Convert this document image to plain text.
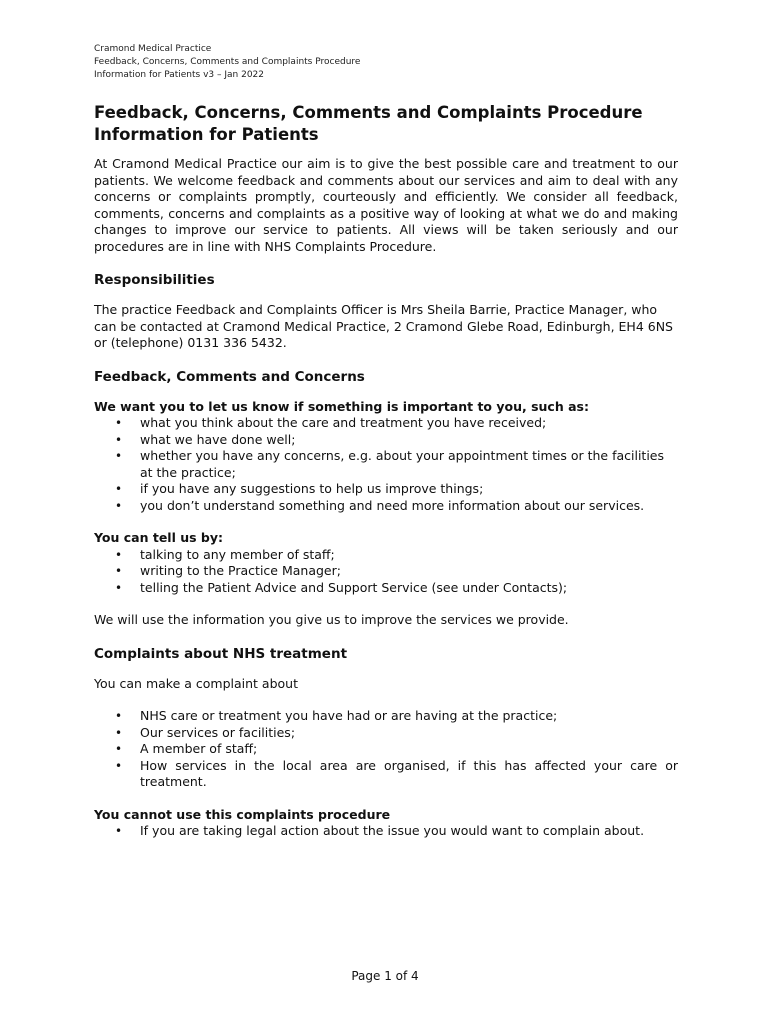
Cramond Medical Practice
Feedback, Concerns, Comments and Complaints Procedure
Information for Patients v3 – Jan 2022
Feedback, Concerns, Comments and Complaints Procedure
Information for Patients

At Cramond Medical Practice our aim is to give the best possible care and treatment to our patients. We welcome feedback and comments about our services and aim to deal with any concerns or complaints promptly, courteously and efficiently. We consider all feedback, comments, concerns and complaints as a positive way of looking at what we do and making changes to improve our service to patients. All views will be taken seriously and our procedures are in line with NHS Complaints Procedure.

Responsibilities

The practice Feedback and Complaints Officer is Mrs Sheila Barrie, Practice Manager, who can be contacted at Cramond Medical Practice, 2 Cramond Glebe Road, Edinburgh, EH4 6NS or (telephone) 0131 336 5432.

Feedback, Comments and Concerns

We want you to let us know if something is important to you, such as:

• what you think about the care and treatment you have received;
• what we have done well;
• whether you have any concerns, e.g. about your appointment times or the facilities at the practice;
• if you have any suggestions to help us improve things;
• you don’t understand something and need more information about our services.

You can tell us by:

• talking to any member of staff;
• writing to the Practice Manager;
• telling the Patient Advice and Support Service (see under Contacts);

We will use the information you give us to improve the services we provide.

Complaints about NHS treatment

You can make a complaint about

• NHS care or treatment you have had or are having at the practice;
• Our services or facilities;
• A member of staff;
• How services in the local area are organised, if this has affected your care or treatment.

You cannot use this complaints procedure

• If you are taking legal action about the issue you would want to complain about.
Page 1 of 4
